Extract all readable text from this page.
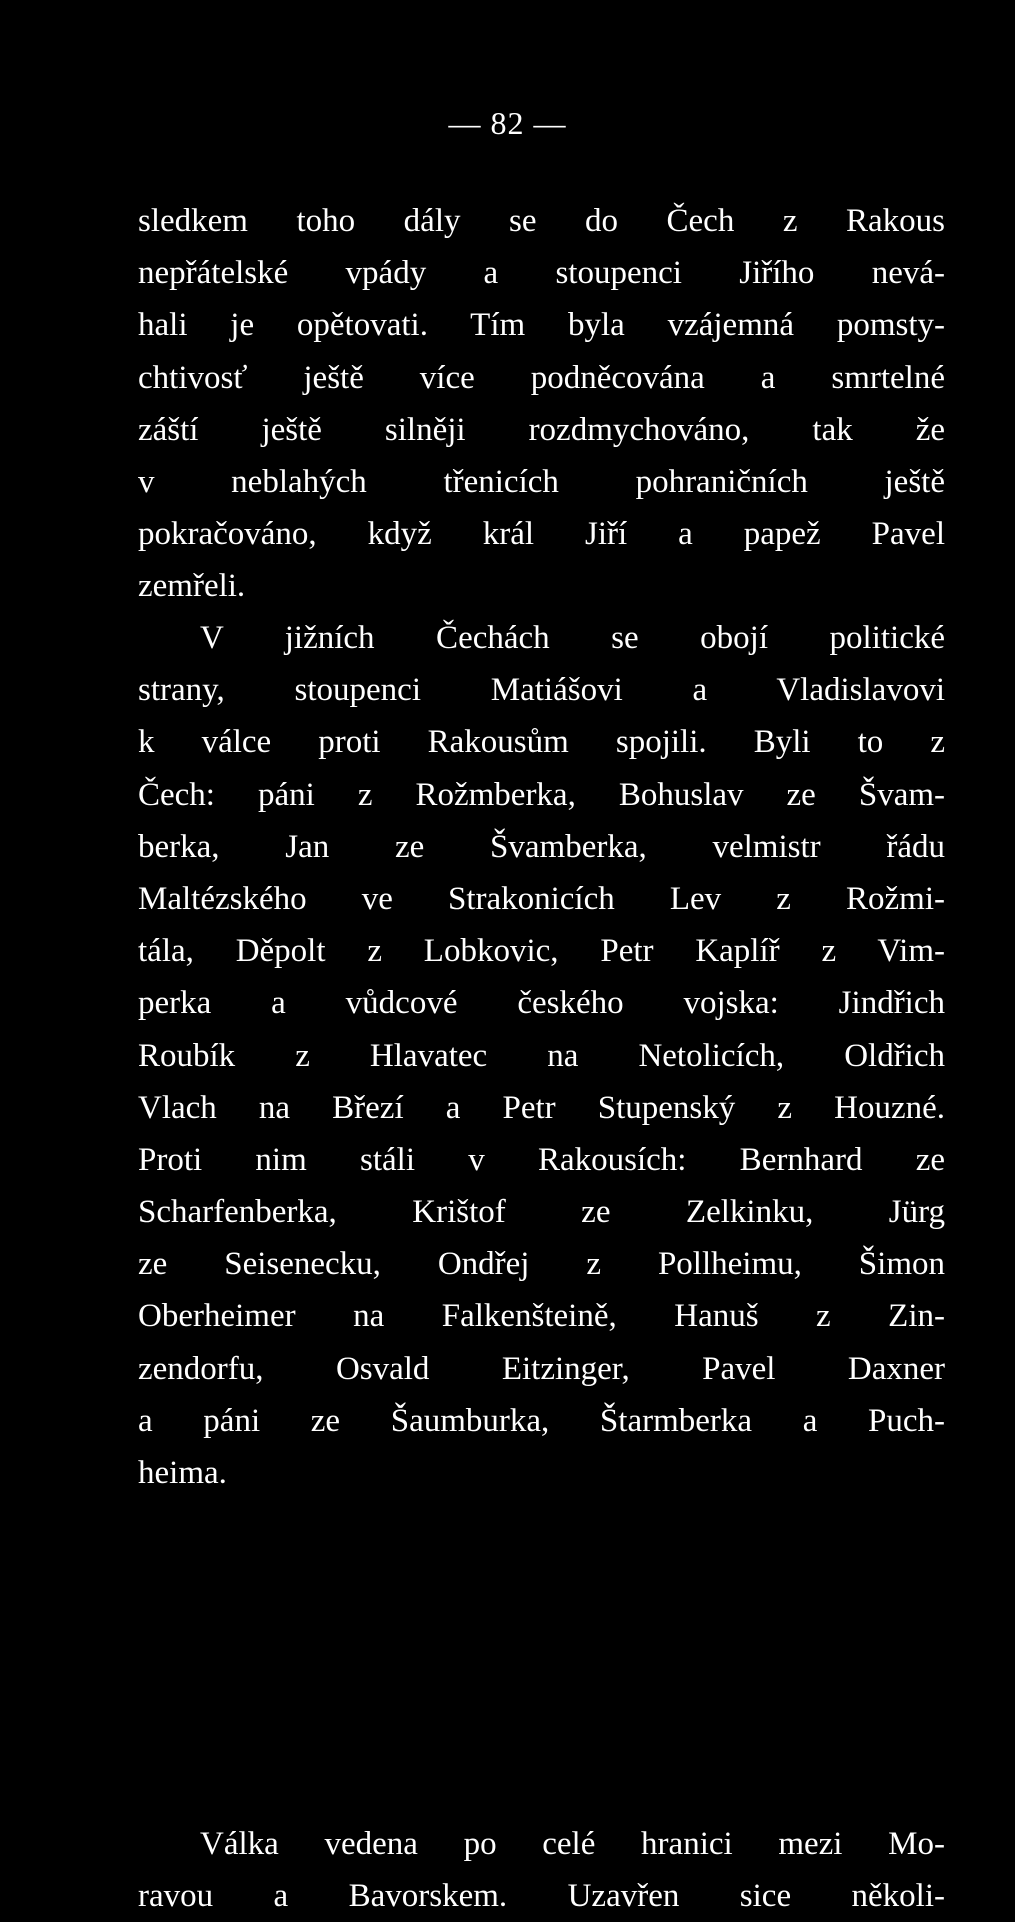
— 82 —
sledkem toho dály se do Čech z Rakous
nepřátelské vpády a stoupenci Jiřího nevá-
hali je opětovati. Tím byla vzájemná pomsty-
chtivosť ještě více podněcována a smrtelné
záští ještě silněji rozdmychováno, tak že
v neblahých třenicích pohraničních ještě
pokračováno, když král Jiří a papež Pavel
zemřeli.
V jižních Čechách se obojí politické
strany, stoupenci Matiášovi a Vladislavovi
k válce proti Rakousům spojili. Byli to z
Čech: páni z Rožmberka, Bohuslav ze Švam-
berka, Jan ze Švamberka, velmistr řádu
Maltézského ve Strakonicích Lev z Rožmi-
tála, Děpolt z Lobkovic, Petr Kaplíř z Vim-
perka a vůdcové českého vojska: Jindřich
Roubík z Hlavatec na Netolicích, Oldřich
Vlach na Březí a Petr Stupenský z Houzné.
Proti nim stáli v Rakousích: Bernhard ze
Scharfenberka, Krištof ze Zelkinku, Jürg
ze Seisenecku, Ondřej z Pollheimu, Šimon
Oberheimer na Falkenšteině, Hanuš z Zin-
zendorfu, Osvald Eitzinger, Pavel Daxner
a páni ze Šaumburka, Štarmberka a Puch-
heima.
Válka vedena po celé hranici mezi Mo-
ravou a Bavorskem. Uzavřen sice několi-
